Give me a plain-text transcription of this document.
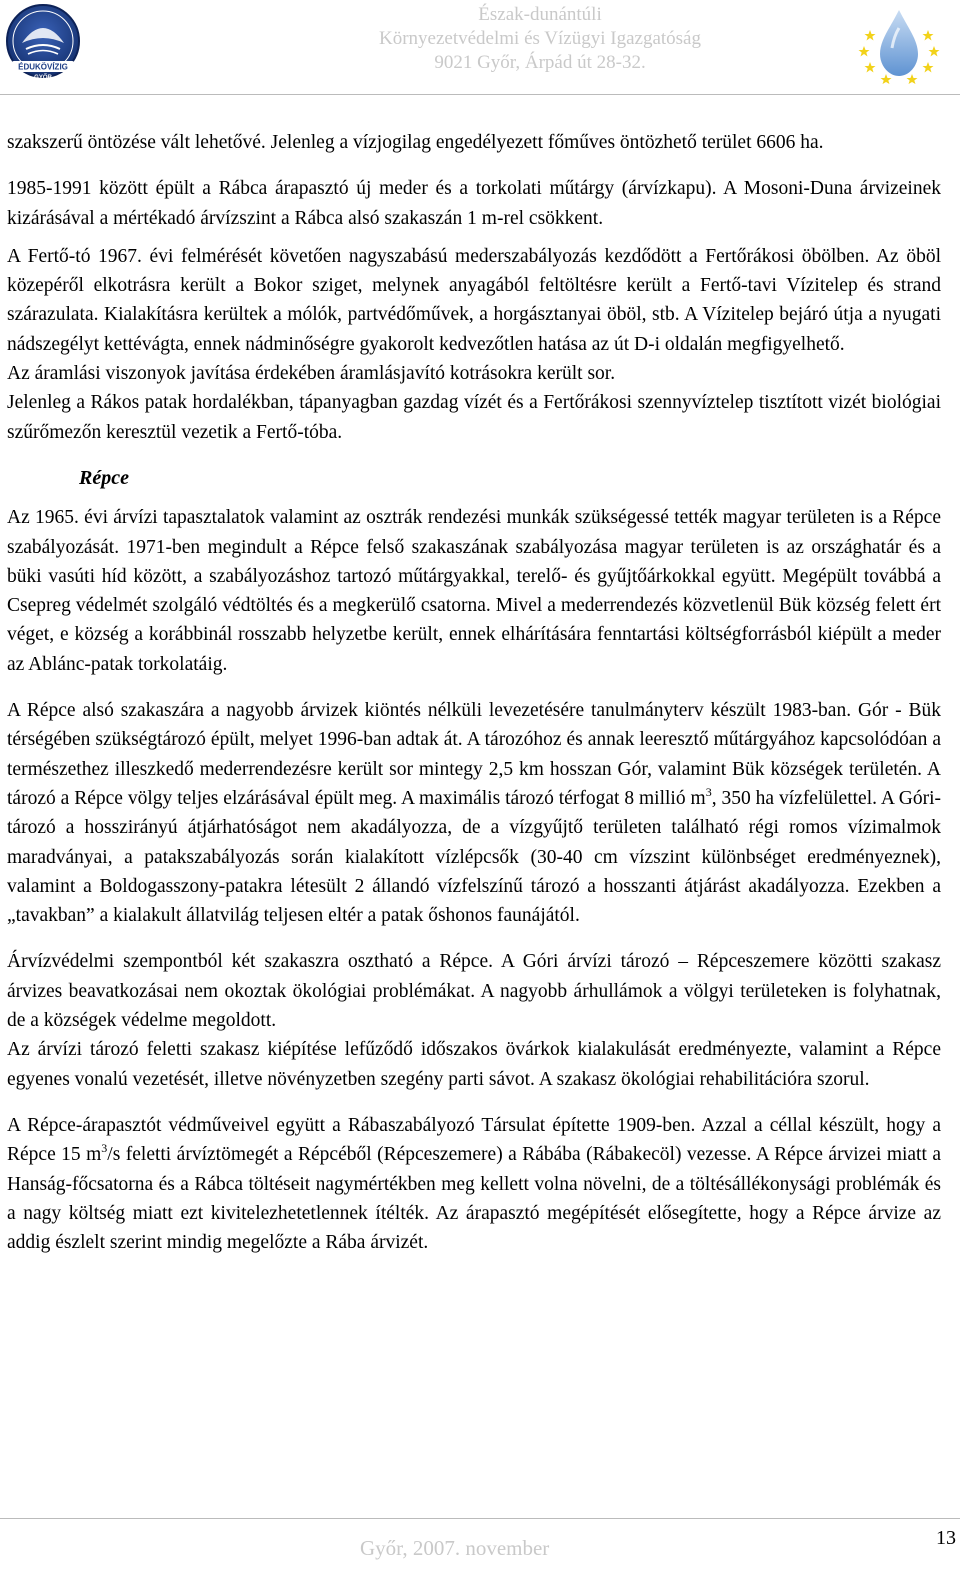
ÉDUKÖVÍZIG
GYŐR
Észak-dunántúli
Környezetvédelmi és Vízügyi Igazgatóság
9021 Győr, Árpád út 28-32.

szakszerű öntözése vált lehetővé. Jelenleg a vízjogilag engedélyezett főműves öntözhető terület 6606 ha.

1985-1991 között épült a Rábca árapasztó új meder és a torkolati műtárgy (árvízkapu). A Mosoni-Duna árvizeinek kizárásával a mértékadó árvízszint a Rábca alsó szakaszán 1 m-rel csökkent.

A Fertő-tó 1967. évi felmérését követően nagyszabású mederszabályozás kezdődött a Fertőrákosi öbölben. Az öböl közepéről elkotrásra került a Bokor sziget, melynek anyagából feltöltésre került a Fertő-tavi Vízitelep és strand szárazulata. Kialakításra kerültek a mólók, partvédőművek, a horgásztanyai öböl, stb. A Vízitelep bejáró útja a nyugati nádszegélyt kettévágta, ennek nádminőségre gyakorolt kedvezőtlen hatása az út D-i oldalán megfigyelhető.

Az áramlási viszonyok javítása érdekében áramlásjavító kotrásokra került sor.

Jelenleg a Rákos patak hordalékban, tápanyagban gazdag vízét és a Fertőrákosi szennyvíztelep tisztított vizét biológiai szűrőmezőn keresztül vezetik a Fertő-tóba.

Répce

Az 1965. évi árvízi tapasztalatok valamint az osztrák rendezési munkák szükségessé tették magyar területen is a Répce szabályozását. 1971-ben megindult a Répce felső szakaszának szabályozása magyar területen is az országhatár és a büki vasúti híd között, a szabályozáshoz tartozó műtárgyakkal, terelő- és gyűjtőárkokkal együtt. Megépült továbbá a Csepreg védelmét szolgáló védtöltés és a megkerülő csatorna. Mivel a mederrendezés közvetlenül Bük község felett ért véget, e község a korábbinál rosszabb helyzetbe került, ennek elhárítására fenntartási költségforrásból kiépült a meder az Ablánc-patak torkolatáig.

A Répce alsó szakaszára a nagyobb árvizek kiöntés nélküli levezetésére tanulmányterv készült 1983-ban. Gór - Bük térségében szükségtározó épült, melyet 1996-ban adtak át. A tározóhoz és annak leeresztő műtárgyához kapcsolódóan a természethez illeszkedő mederrendezésre került sor mintegy 2,5 km hosszan Gór, valamint Bük községek területén. A tározó a Répce völgy teljes elzárásával épült meg. A maximális tározó térfogat 8 millió $m^3$, 350 ha vízfelülettel. A Góri-tározó a hosszirányú átjárhatóságot nem akadályozza, de a vízgyűjtő területen található régi romos vízimalmok maradványai, a patakszabályozás során kialakított vízlépcsők (30-40 cm vízszint különbséget eredményeznek), valamint a Boldogasszony-patakra létesült 2 állandó vízfelszínű tározó a hosszanti átjárást akadályozza. Ezekben a „tavakban” a kialakult állatvilág teljesen eltér a patak őshonos faunájától.

Árvízvédelmi szempontból két szakaszra osztható a Répce. A Góri árvízi tározó – Répceszemere közötti szakasz árvizes beavatkozásai nem okoztak ökológiai problémákat. A nagyobb árhullámok a völgyi területeken is folyhatnak, de a községek védelme megoldott.

Az árvízi tározó feletti szakasz kiépítése lefűződő időszakos övárkok kialakulását eredményezte, valamint a Répce egyenes vonalú vezetését, illetve növényzetben szegény parti sávot. A szakasz ökológiai rehabilitációra szorul.

A Répce-árapasztót védműveivel együtt a Rábaszabályozó Társulat építette 1909-ben. Azzal a céllal készült, hogy a Répce 15 $m^3/s$ feletti árvíztömegét a Répcéből (Répceszemere) a Rábába (Rábakecöl) vezesse. A Répce árvizei miatt a Hanság-főcsatorna és a Rábca töltéseit nagymértékben meg kellett volna növelni, de a töltésállékonysági problémák és a nagy költség miatt ezt kivitelezhetetlennek ítélték. Az árapasztó megépítését elősegítette, hogy a Répce árvize az addig észlelt szerint mindig megelőzte a Rába árvizét.

Győr, 2007. november	13
